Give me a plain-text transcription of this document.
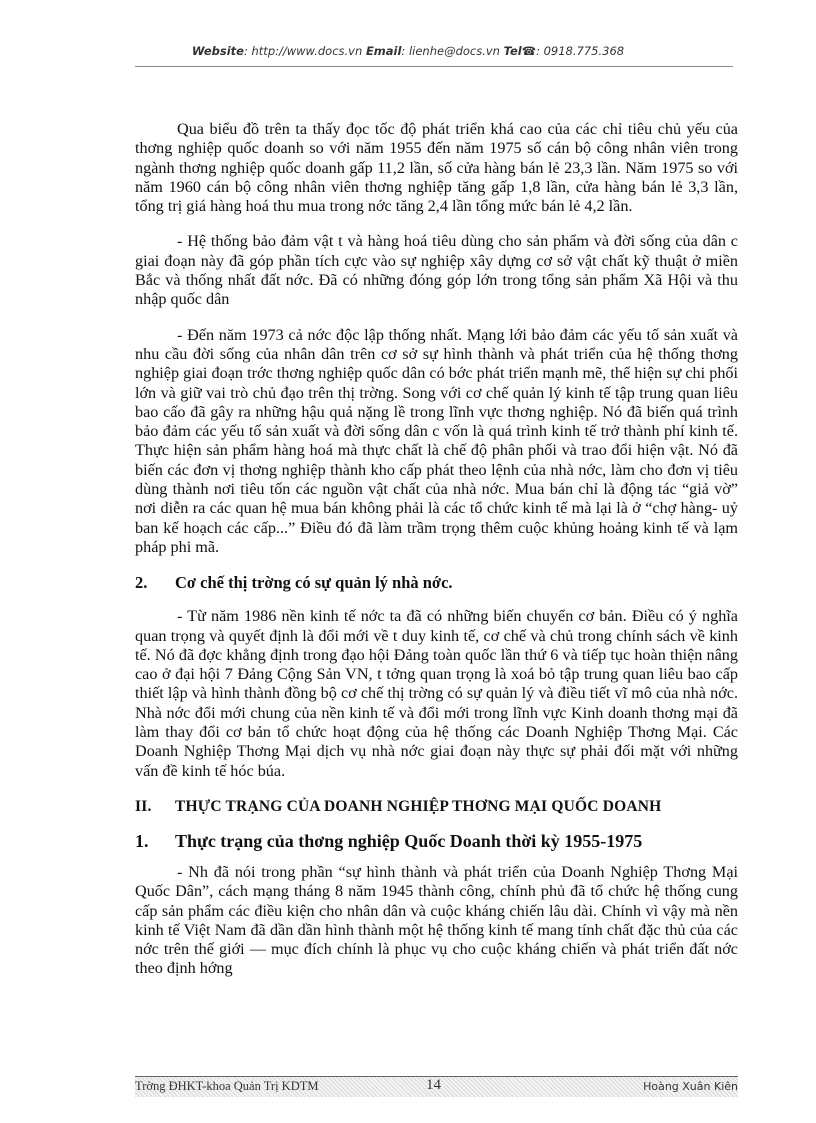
Website: http://www.docs.vn Email: lienhe@docs.vn Tel☎: 0918.775.368

Qua biểu đồ trên ta thấy đọc tốc độ phát triển khá cao của các chỉ tiêu chủ yếu của thơng nghiệp quốc doanh so với năm 1955 đến năm 1975 số cán bộ công nhân viên trong ngành thơng nghiệp quốc doanh gấp 11,2 lần, số cửa hàng bán lẻ 23,3 lần. Năm 1975 so với năm 1960 cán bộ công nhân viên thơng nghiệp tăng gấp 1,8 lần, cửa hàng bán lẻ 3,3 lần, tổng trị giá hàng hoá thu mua trong nớc tăng 2,4 lần tổng mức bán lẻ 4,2 lần.

- Hệ thống bảo đảm vật t và hàng hoá tiêu dùng cho sản phẩm và đời sống của dân c giai đoạn này đã góp phần tích cực vào sự nghiệp xây dựng cơ sở vật chất kỹ thuật ở miền Bắc và thống nhất đất nớc. Đã có những đóng góp lớn trong tổng sản phẩm Xã Hội và thu nhập quốc dân

- Đến năm 1973 cả nớc độc lập thống nhất. Mạng lới bảo đảm các yếu tố sản xuất và nhu cầu đời sống của nhân dân trên cơ sở sự hình thành và phát triển của hệ thống thơng nghiệp giai đoạn trớc thơng nghiệp quốc dân có bớc phát triển mạnh mẽ, thể hiện sự chi phối lớn và giữ vai trò chủ đạo trên thị trờng. Song với cơ chế quản lý kinh tế tập trung quan liêu bao cấo đã gây ra những hậu quả nặng lề trong lĩnh vực thơng nghiệp. Nó đã biến quá trình bảo đảm các yếu tố sản xuất và đời sống dân c vốn là quá trình kinh tế trở thành phí kinh tế. Thực hiện sản phẩm hàng hoá mà thực chất là chế độ phân phối và trao đổi hiện vật. Nó đã biến các đơn vị thơng nghiệp thành kho cấp phát theo lệnh của nhà nớc, làm cho đơn vị tiêu dùng thành nơi tiêu tốn các nguồn vật chất của nhà nớc. Mua bán chỉ là động tác “giả vờ” nơi diễn ra các quan hệ mua bán không phải là các tổ chức kinh tế mà lại là ở “chợ hàng- uỷ ban kế hoạch các cấp...” Điều đó đã làm trầm trọng thêm cuộc khủng hoảng kinh tế và lạm pháp phi mã.

2.	Cơ chế thị trờng có sự quản lý nhà nớc.

- Từ năm 1986 nền kinh tế nớc ta đã có những biến chuyển cơ bản. Điều có ý nghĩa quan trọng và quyết định là đổi mới về t duy kinh tế, cơ chế và chủ trong chính sách về kinh tế. Nó đã đợc khẳng định trong đạo hội Đảng toàn quốc lần thứ 6 và tiếp tục hoàn thiện nâng cao ở đại hội 7 Đảng Cộng Sản VN, t tởng quan trọng là xoá bỏ tập trung quan liêu bao cấp thiết lập và hình thành đồng bộ cơ chế thị trờng có sự quản lý và điều tiết vĩ mô của nhà nớc. Nhà nớc đổi mới chung của nền kinh tế và đổi mới trong lĩnh vực Kinh doanh thơng mại đã làm thay đổi cơ bản tổ chức hoạt động của hệ thống các Doanh Nghiệp Thơng Mại. Các Doanh Nghiệp Thơng Mại dịch vụ nhà nớc giai đoạn này thực sự phải đối mặt với những vấn đề kinh tế hóc búa.

II.	THỰC TRẠNG CỦA DOANH NGHIỆP THƠNG MẠI QUỐC DOANH
1.	Thực trạng của thơng nghiệp Quốc Doanh thời kỳ 1955-1975

- Nh đã nói trong phần “sự hình thành và phát triển của Doanh Nghiệp Thơng Mại Quốc Dân”, cách mạng tháng 8 năm 1945 thành công, chính phủ đã tổ chức hệ thống cung cấp sản phẩm các điều kiện cho nhân dân và cuộc kháng chiến lâu dài. Chính vì vậy mà nền kinh tế Việt Nam đã dần dần hình thành một hệ thống kinh tế mang tính chất đặc thủ của các nớc trên thế giới — mục đích chính là phục vụ cho cuộc kháng chiến và phát triển đất nớc theo định hớng

Trờng ĐHKT-khoa Quản Trị KDTM	14	Hoàng Xuân Kiên
